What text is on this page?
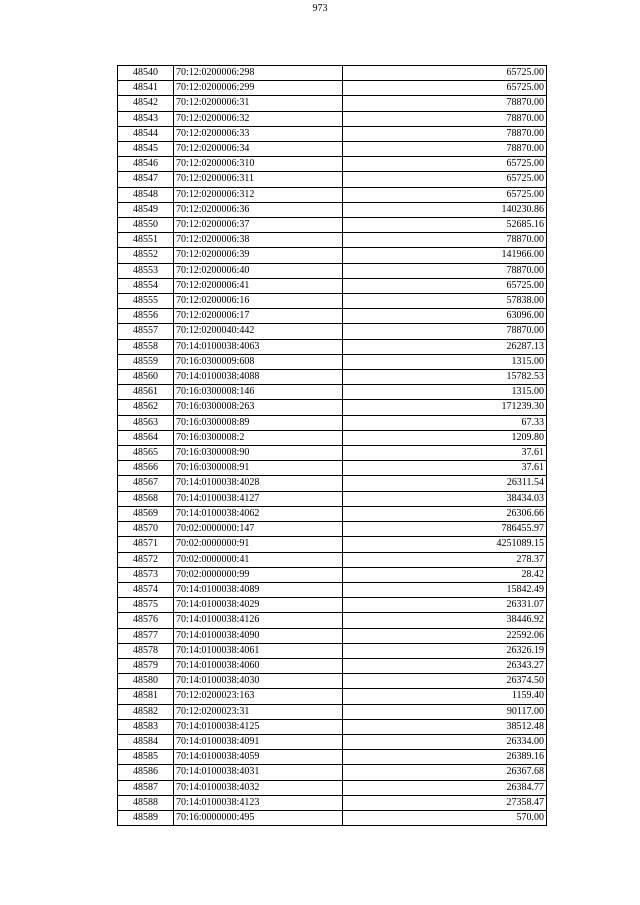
973
48540	70:12:0200006:298	65725.00
48541	70:12:0200006:299	65725.00
48542	70:12:0200006:31	78870.00
48543	70:12:0200006:32	78870.00
48544	70:12:0200006:33	78870.00
48545	70:12:0200006:34	78870.00
48546	70:12:0200006:310	65725.00
48547	70:12:0200006:311	65725.00
48548	70:12:0200006:312	65725.00
48549	70:12:0200006:36	140230.86
48550	70:12:0200006:37	52685.16
48551	70:12:0200006:38	78870.00
48552	70:12:0200006:39	141966.00
48553	70:12:0200006:40	78870.00
48554	70:12:0200006:41	65725.00
48555	70:12:0200006:16	57838.00
48556	70:12:0200006:17	63096.00
48557	70:12:0200040:442	78870.00
48558	70:14:0100038:4063	26287.13
48559	70:16:0300009:608	1315.00
48560	70:14:0100038:4088	15782.53
48561	70:16:0300008:146	1315.00
48562	70:16:0300008:263	171239.30
48563	70:16:0300008:89	67.33
48564	70:16:0300008:2	1209.80
48565	70:16:0300008:90	37.61
48566	70:16:0300008:91	37.61
48567	70:14:0100038:4028	26311.54
48568	70:14:0100038:4127	38434.03
48569	70:14:0100038:4062	26306.66
48570	70:02:0000000:147	786455.97
48571	70:02:0000000:91	4251089.15
48572	70:02:0000000:41	278.37
48573	70:02:0000000:99	28.42
48574	70:14:0100038:4089	15842.49
48575	70:14:0100038:4029	26331.07
48576	70:14:0100038:4126	38446.92
48577	70:14:0100038:4090	22592.06
48578	70:14:0100038:4061	26326.19
48579	70:14:0100038:4060	26343.27
48580	70:14:0100038:4030	26374.50
48581	70:12:0200023:163	1159.40
48582	70:12:0200023:31	90117.00
48583	70:14:0100038:4125	38512.48
48584	70:14:0100038:4091	26334.00
48585	70:14:0100038:4059	26389.16
48586	70:14:0100038:4031	26367.68
48587	70:14:0100038:4032	26384.77
48588	70:14:0100038:4123	27358.47
48589	70:16:0000000:495	570.00
